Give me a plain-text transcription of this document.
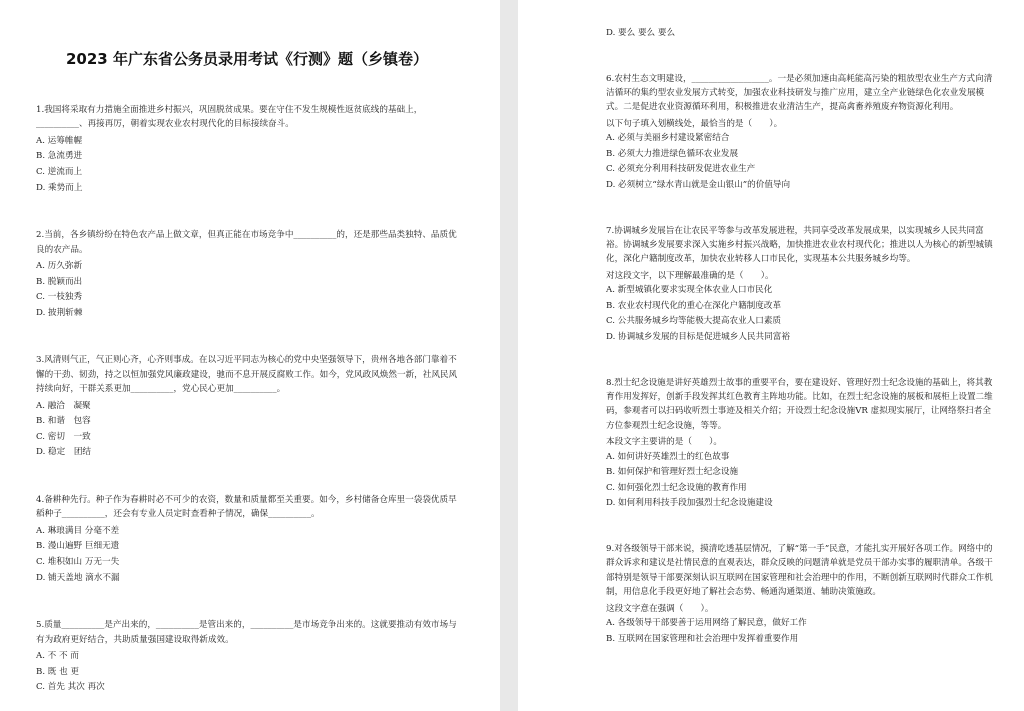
2023 年广东省公务员录用考试《行测》题（乡镇卷）

1.我国将采取有力措施全面推进乡村振兴，巩固脱贫成果。要在守住不发生规模性返贫底线的基础上，__________、再接再厉，朝着实现农业农村现代化的目标接续奋斗。

A. 运筹帷幄
B. 急流勇进
C. 逆流而上
D. 乘势而上

2.当前，各乡镇纷纷在特色农产品上做文章，但真正能在市场竞争中__________的，还是那些品类独特、品质优良的农产品。

A. 历久弥新
B. 脱颖而出
C. 一枝独秀
D. 披荆斩棘

3.风清则气正，气正则心齐，心齐则事成。在以习近平同志为核心的党中央坚强领导下，贵州各地各部门靠着不懈的干劲、韧劲，持之以恒加强党风廉政建设，驰而不息开展反腐败工作。如今，党风政风焕然一新，社风民风持续向好，干群关系更加__________，党心民心更加__________。

A. 融洽　凝聚
B. 和谐　包容
C. 密切　一致
D. 稳定　团结

4.备耕种先行。种子作为春耕时必不可少的农资，数量和质量都至关重要。如今，乡村储备仓库里一袋袋优质早稻种子__________，还会有专业人员定时查看种子情况，确保__________。

A. 琳琅满目 分毫不差
B. 漫山遍野 巨细无遗
C. 堆积如山 万无一失
D. 铺天盖地 滴水不漏

5.质量__________是产出来的，__________是管出来的，__________是市场竞争出来的。这就要推动有效市场与有为政府更好结合，共助质量强国建设取得新成效。

A. 不 不 而
B. 既 也 更
C. 首先 其次 再次
D. 要么 要么 要么

6.农村生态文明建设，__________________。一是必须加速由高耗能高污染的粗放型农业生产方式向清洁循环的集约型农业发展方式转变，加强农业科技研发与推广应用，建立全产业链绿色化农业发展模式。二是促进农业资源循环利用，积极推进农业清洁生产，提高禽畜养殖废弃物资源化利用。

以下句子填入划横线处，最恰当的是（　　）。
A. 必须与美丽乡村建设紧密结合
B. 必须大力推进绿色循环农业发展
C. 必须充分利用科技研发促进农业生产
D. 必须树立“绿水青山就是金山银山”的价值导向

7.协调城乡发展旨在让农民平等参与改革发展进程，共同享受改革发展成果，以实现城乡人民共同富裕。协调城乡发展要求深入实施乡村振兴战略，加快推进农业农村现代化；推进以人为核心的新型城镇化，深化户籍制度改革，加快农业转移人口市民化，实现基本公共服务城乡均等。

对这段文字，以下理解最准确的是（　　）。
A. 新型城镇化要求实现全体农业人口市民化
B. 农业农村现代化的重心在深化户籍制度改革
C. 公共服务城乡均等能极大提高农业人口素质
D. 协调城乡发展的目标是促进城乡人民共同富裕

8.烈士纪念设施是讲好英雄烈士故事的重要平台，要在建设好、管理好烈士纪念设施的基础上，将其教育作用发挥好，创新手段发挥其红色教育主阵地功能。比如，在烈士纪念设施的展板和展柜上设置二维码，参观者可以扫码收听烈士事迹及相关介绍；开设烈士纪念设施VR 虚拟现实展厅，让网络祭扫者全方位参观烈士纪念设施，等等。

本段文字主要讲的是（　　）。
A. 如何讲好英雄烈士的红色故事
B. 如何保护和管理好烈士纪念设施
C. 如何强化烈士纪念设施的教育作用
D. 如何利用科技手段加强烈士纪念设施建设

9.对各级领导干部来说，摸清吃透基层情况，了解“第一手”民意，才能扎实开展好各项工作。网络中的群众诉求和建议是社情民意的直观表达，群众反映的问题清单就是党员干部办实事的履职清单。各级干部特别是领导干部要深刻认识互联网在国家管理和社会治理中的作用，不断创新互联网时代群众工作机制，用信息化手段更好地了解社会态势、畅通沟通渠道、辅助决策施政。

这段文字意在强调（　　）。
A. 各级领导干部要善于运用网络了解民意，做好工作
B. 互联网在国家管理和社会治理中发挥着重要作用
